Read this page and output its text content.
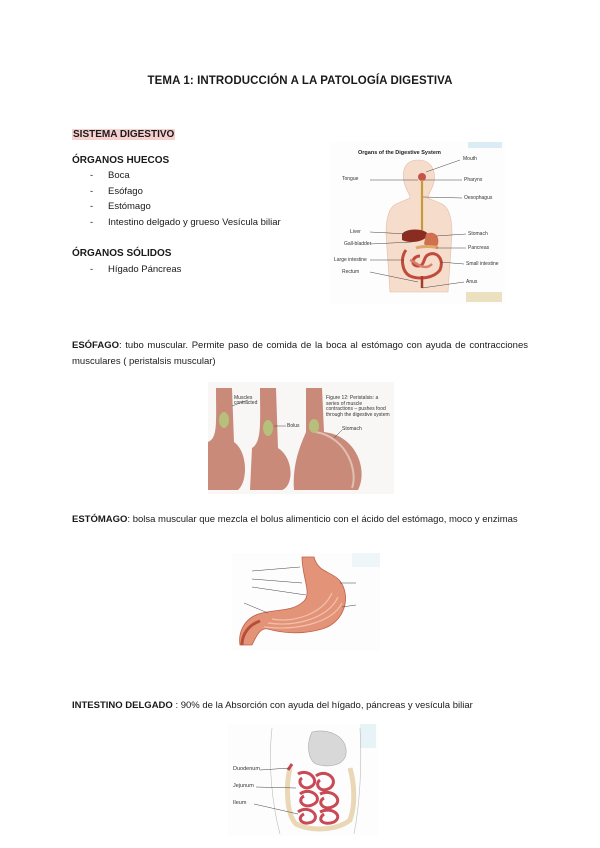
TEMA 1: INTRODUCCIÓN A LA PATOLOGÍA DIGESTIVA
SISTEMA DIGESTIVO
ÓRGANOS HUECOS
- Boca
- Esófago
- Estómago
- Intestino delgado y grueso Vesícula biliar
ÓRGANOS SÓLIDOS
- Hígado Páncreas
Organs of the Digestive System
Tongue
Liver
Gall-bladder
Large intestine
Rectum
Mouth
Pharynx
Oesophagus
Stomach
Pancreas
Small intestine
Anus
ESÓFAGO: tubo muscular. Permite paso de comida de la boca al estómago con ayuda de contracciones musculares ( peristalsis muscular)
Muscles contracted
Bolus	Stomach
Figure 12: Peristalsis: a series of muscle contractions – pushes food through the digestive system
ESTÓMAGO: bolsa muscular que mezcla el bolus alimenticio con el ácido del estómago, moco y enzimas
INTESTINO DELGADO : 90% de la Absorción con ayuda del hígado, páncreas y vesícula biliar
Duodenum
Jejunum
Ileum
